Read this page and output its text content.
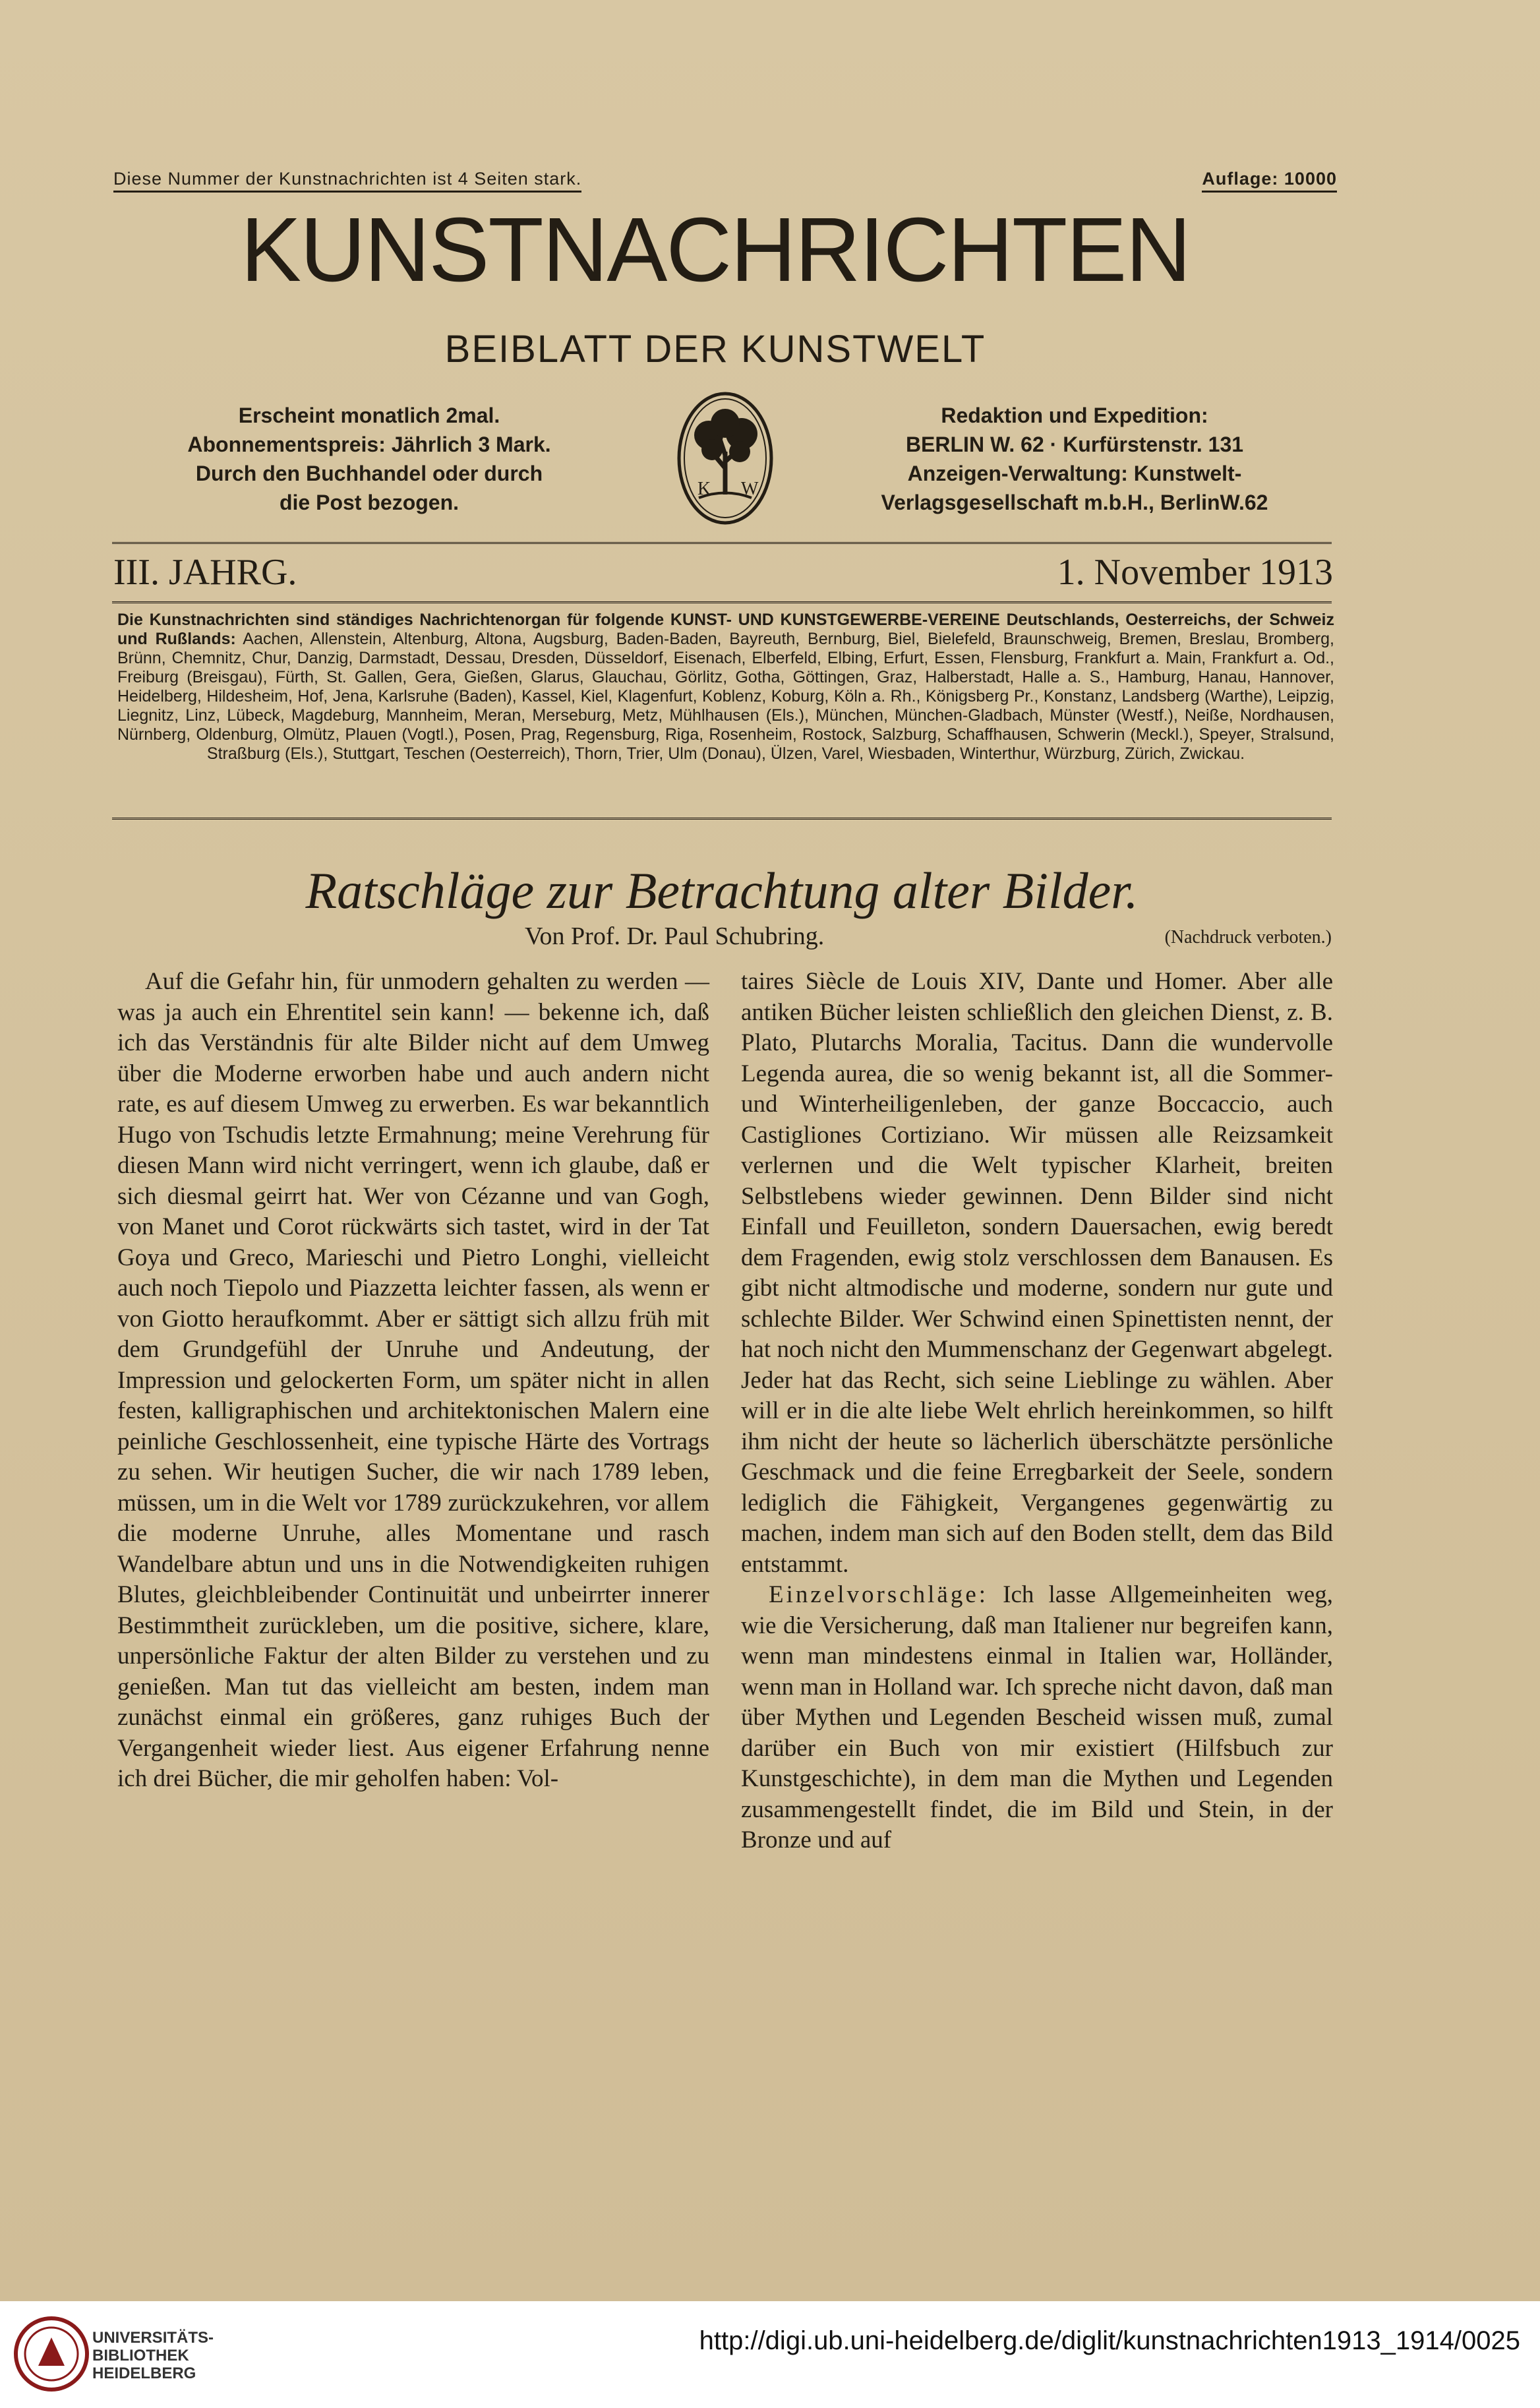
Diese Nummer der Kunstnachrichten ist 4 Seiten stark.	Auflage: 10000
KUNSTNACHRICHTEN
BEIBLATT DER KUNSTWELT
Erscheint monatlich 2mal.
Abonnementspreis: Jährlich 3 Mark.
Durch den Buchhandel oder durch
die Post bezogen.
K W
Redaktion und Expedition:
BERLIN W. 62 · Kurfürstenstr. 131
Anzeigen-Verwaltung: Kunstwelt-
Verlagsgesellschaft m.b.H., BerlinW.62
III. JAHRG.	1. November 1913
Die Kunstnachrichten sind ständiges Nachrichtenorgan für folgende KUNST- UND KUNSTGEWERBE-VEREINE Deutschlands, Oesterreichs, der Schweiz und Rußlands: Aachen, Allenstein, Altenburg, Altona, Augsburg, Baden-Baden, Bayreuth, Bernburg, Biel, Bielefeld, Braunschweig, Bremen, Breslau, Bromberg, Brünn, Chemnitz, Chur, Danzig, Darmstadt, Dessau, Dresden, Düsseldorf, Eisenach, Elberfeld, Elbing, Erfurt, Essen, Flensburg, Frankfurt a. Main, Frankfurt a. Od., Freiburg (Breisgau), Fürth, St. Gallen, Gera, Gießen, Glarus, Glauchau, Görlitz, Gotha, Göttingen, Graz, Halberstadt, Halle a. S., Hamburg, Hanau, Hannover, Heidelberg, Hildesheim, Hof, Jena, Karlsruhe (Baden), Kassel, Kiel, Klagenfurt, Koblenz, Koburg, Köln a. Rh., Königsberg Pr., Konstanz, Landsberg (Warthe), Leipzig, Liegnitz, Linz, Lübeck, Magdeburg, Mannheim, Meran, Merseburg, Metz, Mühlhausen (Els.), München, München-Gladbach, Münster (Westf.), Neiße, Nordhausen, Nürnberg, Oldenburg, Olmütz, Plauen (Vogtl.), Posen, Prag, Regensburg, Riga, Rosenheim, Rostock, Salzburg, Schaffhausen, Schwerin (Meckl.), Speyer, Stralsund, Straßburg (Els.), Stuttgart, Teschen (Oesterreich), Thorn, Trier, Ulm (Donau), Ülzen, Varel, Wiesbaden, Winterthur, Würzburg, Zürich, Zwickau.
Ratschläge zur Betrachtung alter Bilder.
Von Prof. Dr. Paul Schubring.	(Nachdruck verboten.)

Auf die Gefahr hin, für unmodern gehalten zu werden — was ja auch ein Ehrentitel sein kann! — bekenne ich, daß ich das Verständnis für alte Bilder nicht auf dem Umweg über die Moderne erworben habe und auch andern nicht rate, es auf diesem Umweg zu erwerben. Es war bekanntlich Hugo von Tschudis letzte Ermahnung; meine Verehrung für diesen Mann wird nicht verringert, wenn ich glaube, daß er sich diesmal geirrt hat. Wer von Cézanne und van Gogh, von Manet und Corot rückwärts sich tastet, wird in der Tat Goya und Greco, Marieschi und Pietro Longhi, vielleicht auch noch Tiepolo und Piazzetta leichter fassen, als wenn er von Giotto heraufkommt. Aber er sättigt sich allzu früh mit dem Grundgefühl der Unruhe und Andeutung, der Impression und gelockerten Form, um später nicht in allen festen, kalligraphischen und architektonischen Malern eine peinliche Geschlossenheit, eine typische Härte des Vortrags zu sehen. Wir heutigen Sucher, die wir nach 1789 leben, müssen, um in die Welt vor 1789 zurückzukehren, vor allem die moderne Unruhe, alles Momentane und rasch Wandelbare abtun und uns in die Notwendigkeiten ruhigen Blutes, gleichbleibender Continuität und unbeirrter innerer Bestimmtheit zurückleben, um die positive, sichere, klare, unpersönliche Faktur der alten Bilder zu verstehen und zu genießen. Man tut das vielleicht am besten, indem man zunächst einmal ein größeres, ganz ruhiges Buch der Vergangenheit wieder liest. Aus eigener Erfahrung nenne ich drei Bücher, die mir geholfen haben: Vol-

taires Siècle de Louis XIV, Dante und Homer. Aber alle antiken Bücher leisten schließlich den gleichen Dienst, z. B. Plato, Plutarchs Moralia, Tacitus. Dann die wundervolle Legenda aurea, die so wenig bekannt ist, all die Sommer- und Winterheiligenleben, der ganze Boccaccio, auch Castigliones Cortiziano. Wir müssen alle Reizsamkeit verlernen und die Welt typischer Klarheit, breiten Selbstlebens wieder gewinnen. Denn Bilder sind nicht Einfall und Feuilleton, sondern Dauersachen, ewig beredt dem Fragenden, ewig stolz verschlossen dem Banausen. Es gibt nicht altmodische und moderne, sondern nur gute und schlechte Bilder. Wer Schwind einen Spinettisten nennt, der hat noch nicht den Mummenschanz der Gegenwart abgelegt. Jeder hat das Recht, sich seine Lieblinge zu wählen. Aber will er in die alte liebe Welt ehrlich hereinkommen, so hilft ihm nicht der heute so lächerlich überschätzte persönliche Geschmack und die feine Erregbarkeit der Seele, sondern lediglich die Fähigkeit, Vergangenes gegenwärtig zu machen, indem man sich auf den Boden stellt, dem das Bild entstammt.

Einzelvorschläge: Ich lasse Allgemeinheiten weg, wie die Versicherung, daß man Italiener nur begreifen kann, wenn man mindestens einmal in Italien war, Holländer, wenn man in Holland war. Ich spreche nicht davon, daß man über Mythen und Legenden Bescheid wissen muß, zumal darüber ein Buch von mir existiert (Hilfsbuch zur Kunstgeschichte), in dem man die Mythen und Legenden zusammengestellt findet, die im Bild und Stein, in der Bronze und auf

UNIVERSITÄTS-
BIBLIOTHEK
HEIDELBERG
http://digi.ub.uni-heidelberg.de/diglit/kunstnachrichten1913_1914/0025
